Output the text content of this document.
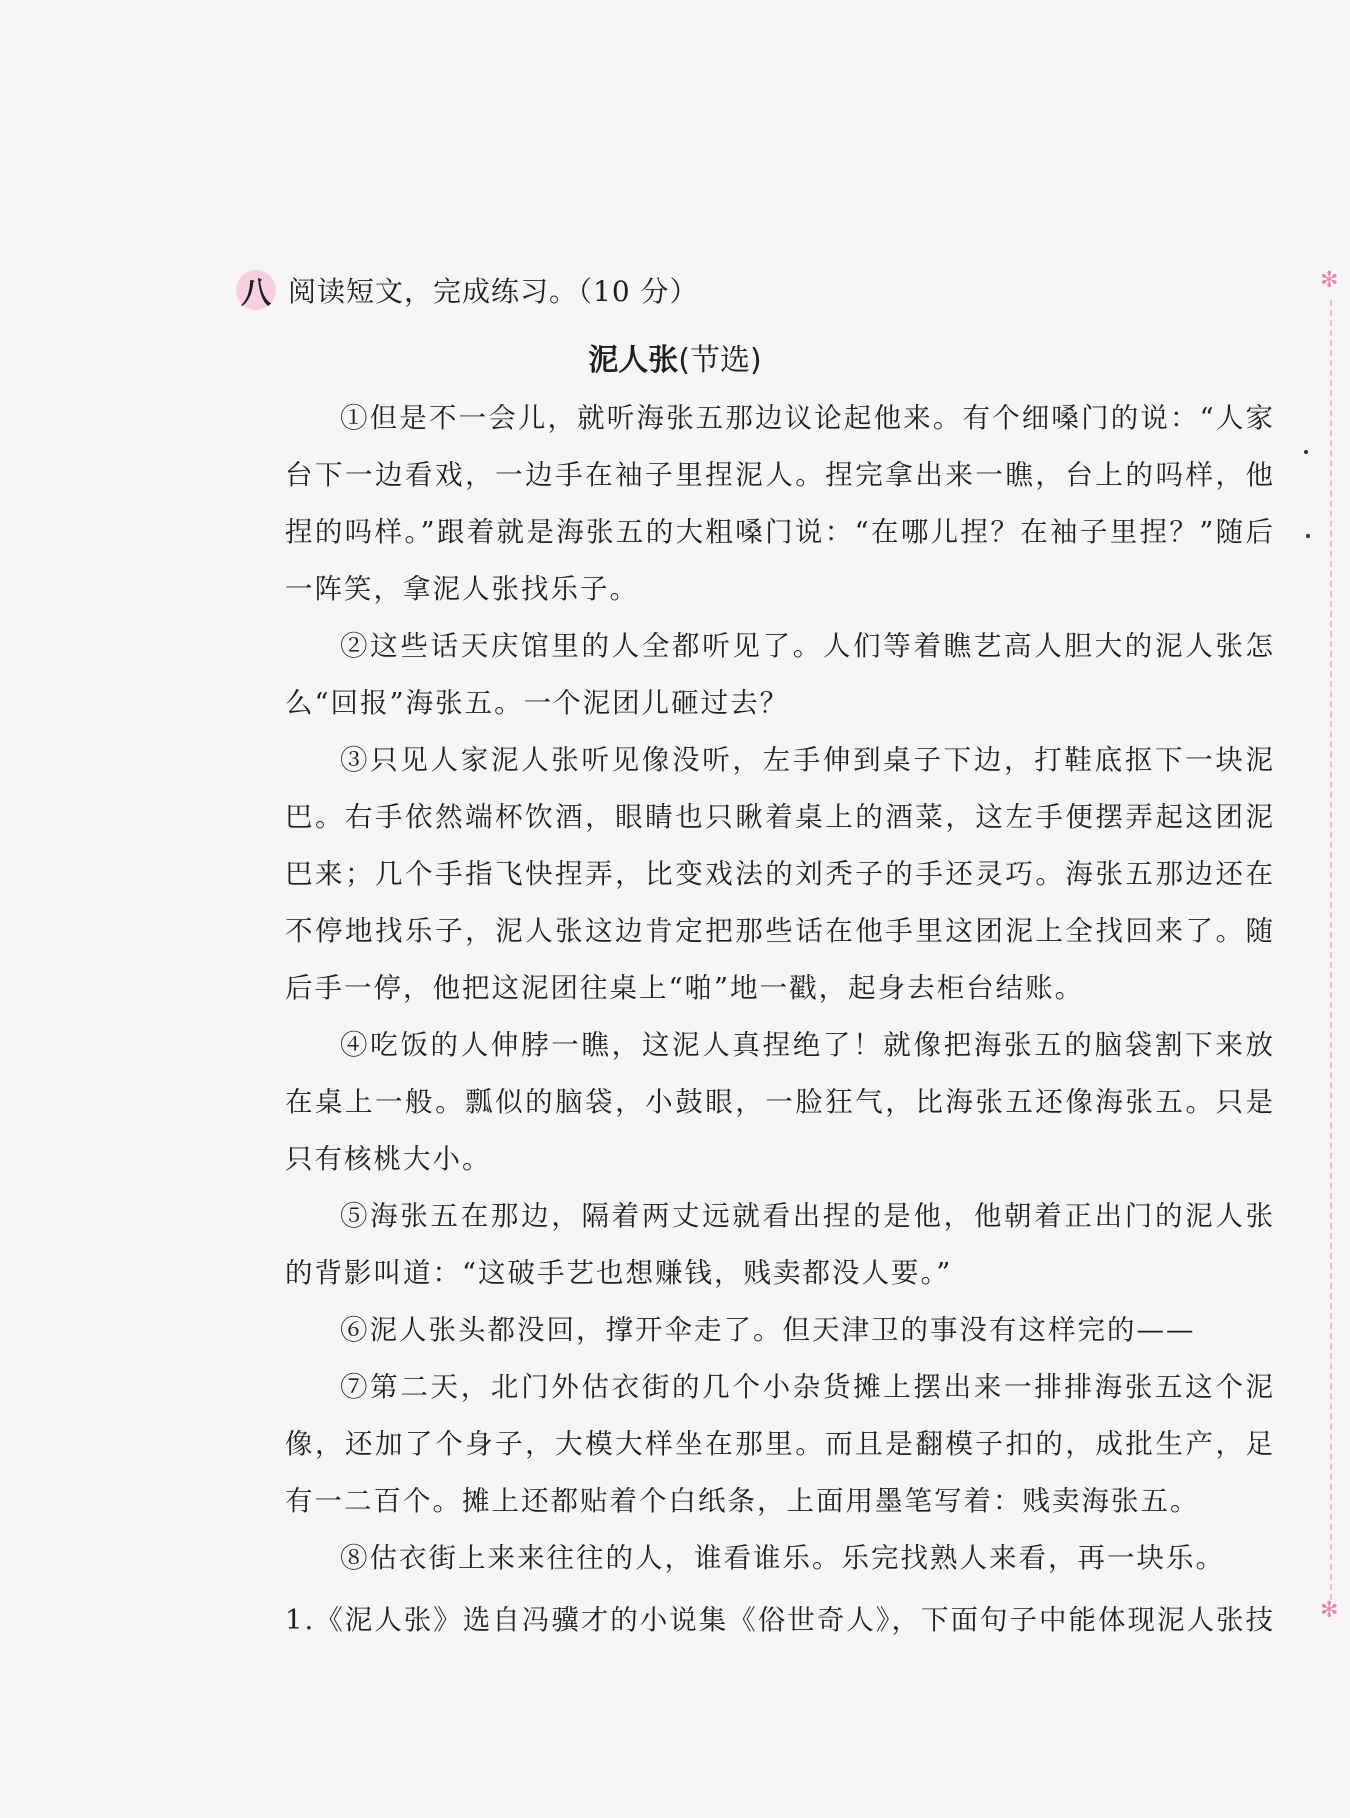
✻
✻
八 阅读短文，完成练习。（10 分）
泥人张(节选)

①但是不一会儿，就听海张五那边议论起他来。有个细嗓门的说：“人家台下一边看戏，一边手在袖子里捏泥人。捏完拿出来一瞧，台上的吗样，他捏的吗样。”跟着就是海张五的大粗嗓门说：“在哪儿捏？在袖子里捏？”随后一阵笑，拿泥人张找乐子。

②这些话天庆馆里的人全都听见了。人们等着瞧艺高人胆大的泥人张怎么“回报”海张五。一个泥团儿砸过去？

③只见人家泥人张听见像没听，左手伸到桌子下边，打鞋底抠下一块泥巴。右手依然端杯饮酒，眼睛也只瞅着桌上的酒菜，这左手便摆弄起这团泥巴来；几个手指飞快捏弄，比变戏法的刘秃子的手还灵巧。海张五那边还在不停地找乐子，泥人张这边肯定把那些话在他手里这团泥上全找回来了。随后手一停，他把这泥团往桌上“啪”地一戳，起身去柜台结账。

④吃饭的人伸脖一瞧，这泥人真捏绝了！就像把海张五的脑袋割下来放在桌上一般。瓢似的脑袋，小鼓眼，一脸狂气，比海张五还像海张五。只是只有核桃大小。

⑤海张五在那边，隔着两丈远就看出捏的是他，他朝着正出门的泥人张的背影叫道：“这破手艺也想赚钱，贱卖都没人要。”

⑥泥人张头都没回，撑开伞走了。但天津卫的事没有这样完的——

⑦第二天，北门外估衣街的几个小杂货摊上摆出来一排排海张五这个泥像，还加了个身子，大模大样坐在那里。而且是翻模子扣的，成批生产，足有一二百个。摊上还都贴着个白纸条，上面用墨笔写着：贱卖海张五。

⑧估衣街上来来往往的人，谁看谁乐。乐完找熟人来看，再一块乐。

1.《泥人张》选自冯骥才的小说集《俗世奇人》，下面句子中能体现泥人张技
